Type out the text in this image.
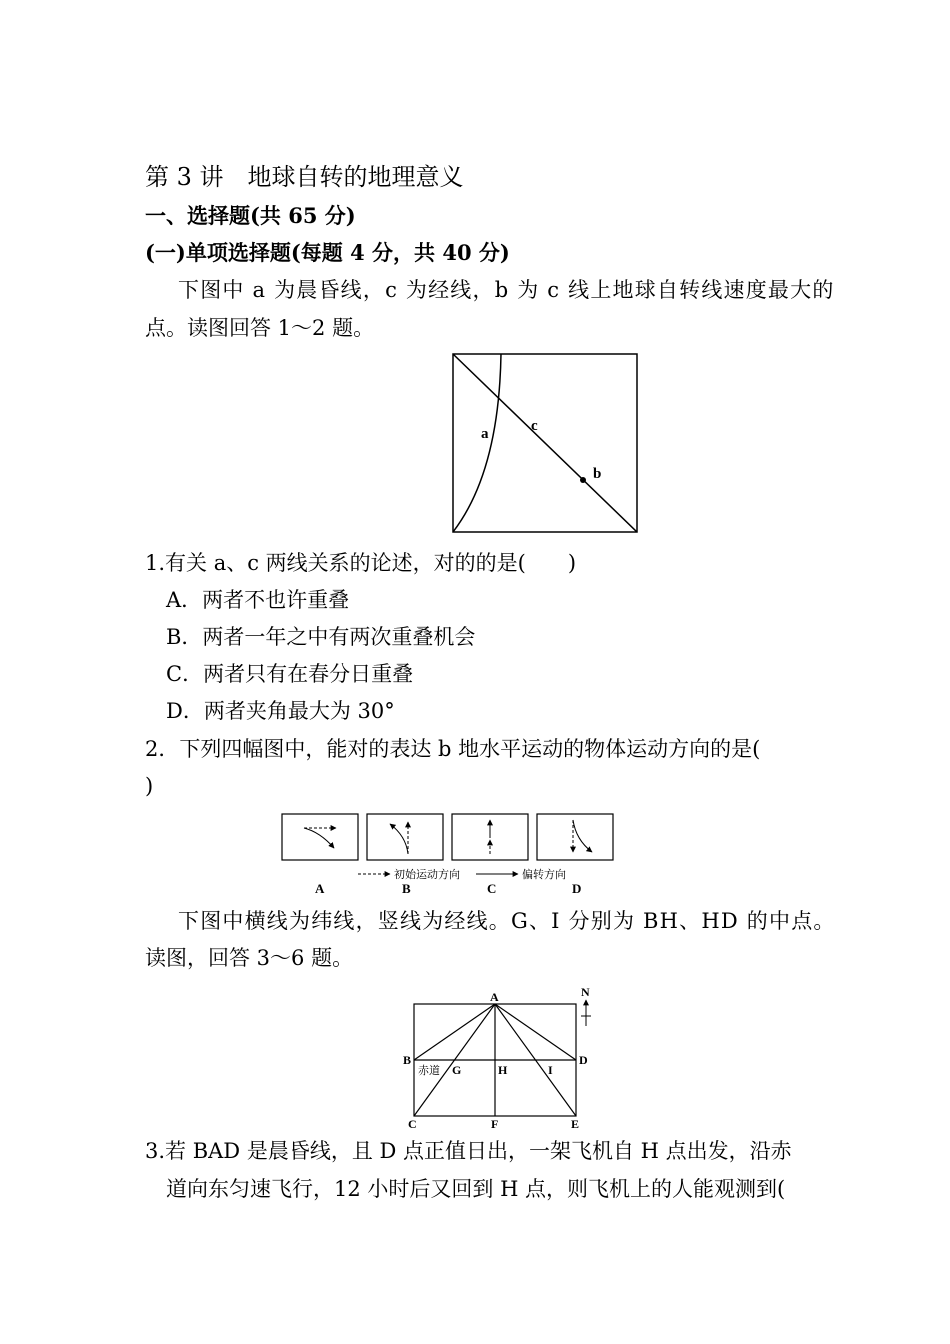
第 3 讲　地球自转的地理意义
一、选择题(共 65 分)
(一)单项选择题(每题 4 分，共 40 分)
下图中 a 为晨昏线，c 为经线，b 为 c 线上地球自转线速度最大的
点。读图回答 1～2 题。
a	c
b
1.有关 a、c 两线关系的论述，对的的是(　　)
A．两者不也许重叠
B．两者一年之中有两次重叠机会
C．两者只有在春分日重叠
D．两者夹角最大为 30°
2．下列四幅图中，能对的表达 b 地水平运动的物体运动方向的是(
)
初始运动方向	偏转方向
A	B	C	D
下图中横线为纬线，竖线为经线。G、I 分别为 BH、HD 的中点。
读图，回答 3～6 题。
N
A
B	D
赤道 G	H	I
C	F	E
3.若 BAD 是晨昏线，且 D 点正值日出，一架飞机自 H 点出发，沿赤
道向东匀速飞行，12 小时后又回到 H 点，则飞机上的人能观测到(
